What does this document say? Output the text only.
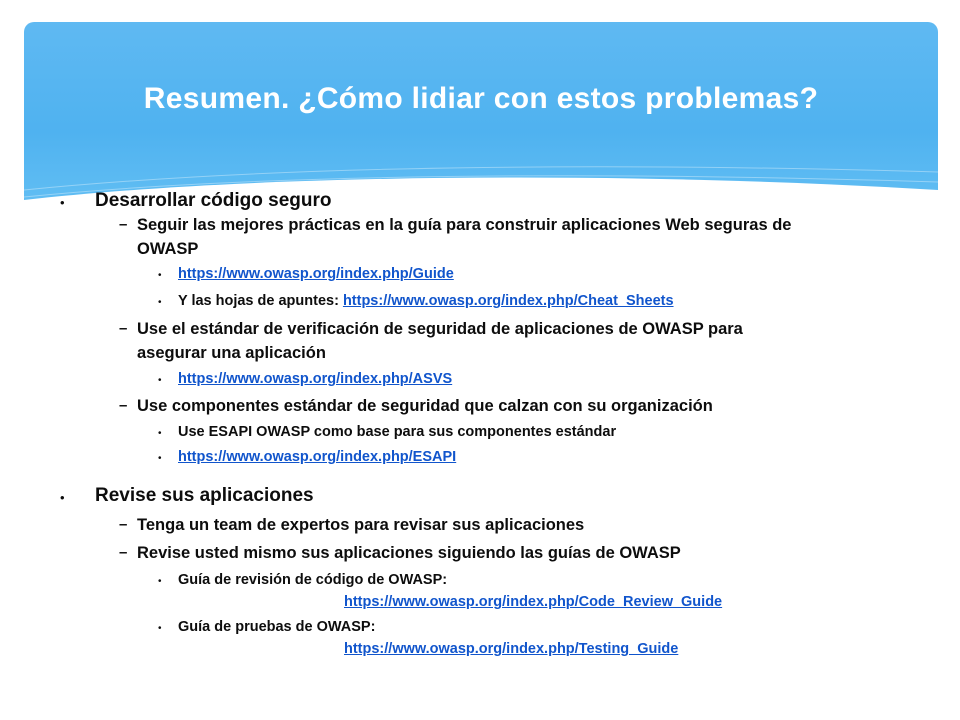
Resumen. ¿Cómo lidiar con estos problemas?
• Desarrollar código seguro
– Seguir las mejores prácticas en la guía para construir aplicaciones Web seguras de
OWASP
• https://www.owasp.org/index.php/Guide
• Y las hojas de apuntes: https://www.owasp.org/index.php/Cheat_Sheets
– Use el estándar de verificación de seguridad de aplicaciones de OWASP para
asegurar una aplicación
• https://www.owasp.org/index.php/ASVS
– Use componentes estándar de seguridad que calzan con su organización
• Use ESAPI OWASP como base para sus componentes estándar
• https://www.owasp.org/index.php/ESAPI
• Revise sus aplicaciones
– Tenga un team de expertos para revisar sus aplicaciones
– Revise usted mismo sus aplicaciones siguiendo las guías de OWASP
• Guía de revisión de código de OWASP:
https://www.owasp.org/index.php/Code_Review_Guide
• Guía de pruebas de OWASP:
https://www.owasp.org/index.php/Testing_Guide
